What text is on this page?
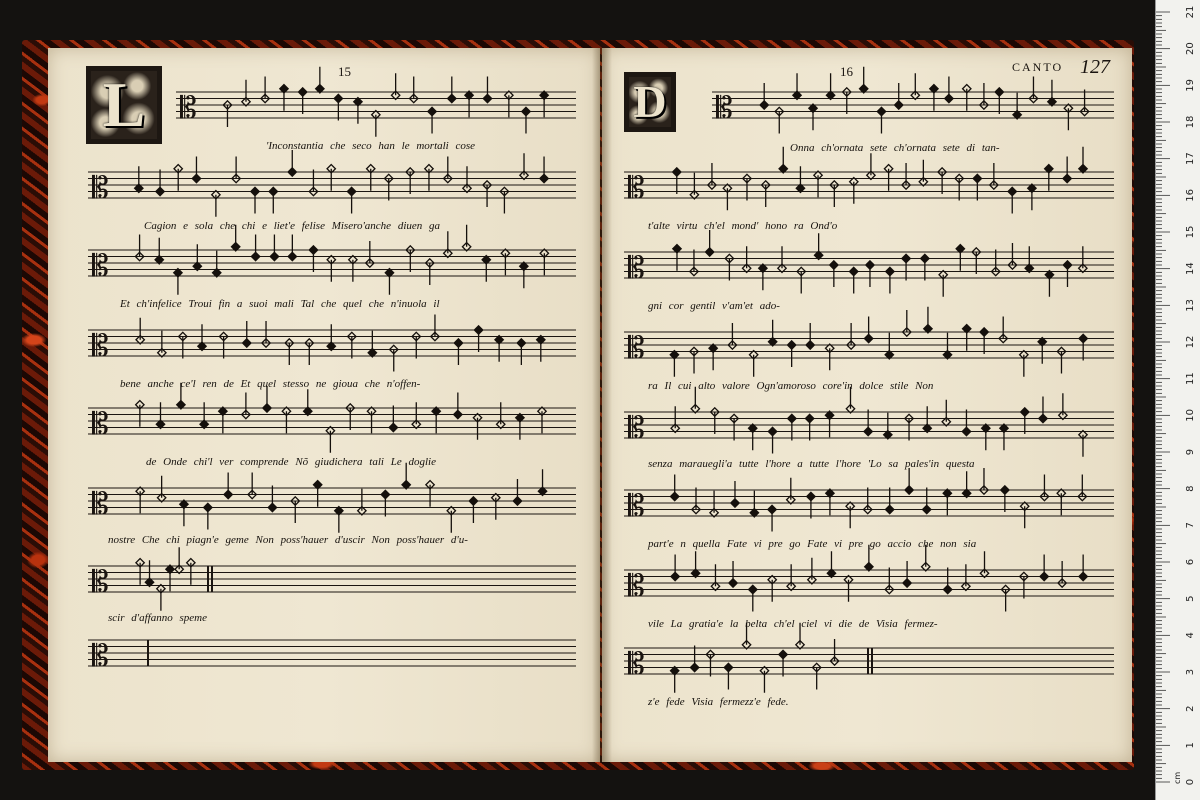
𝄡
𝄡
𝄡
𝄡
𝄡
𝄡
𝄡
𝄡
L	15
'Inconstantia che seco han le mortali cose
Cagion e sola che chi e liet'e felise Misero'anche diuen ga
Et ch'infelice Troui fin a suoi mali Tal che quel che n'inuola il
bene anche ce'l ren de Et quel stesso ne gioua che n'offen-
de Onde chi'l ver comprende Nõ giudichera tali Le doglie
nostre Che chi piagn'e geme Non poss'hauer d'uscir Non poss'hauer d'u-
scir d'affanno speme
𝄡
𝄡
𝄡
𝄡
𝄡
𝄡
𝄡
𝄡
D
16	CANTO 127
Onna ch'ornata sete ch'ornata sete di tan-
t'alte virtu ch'el mond' hono ra Ond'o
gni cor gentil v'am'et ado-
ra Il cui alto valore Ogn'amoroso core'in dolce stile Non
senza marauegli'a tutte l'hore a tutte l'hore 'Lo sa pales'in questa
part'e n quella Fate vi pre go Fate vi pre go accio che non sia
vile La gratia'e la belta ch'el ciel vi die de Visia fermez-
z'e fede Visia fermezz'e fede.
0
1
2
3
4
5
6
7
8
9
10
11
12
13
14
15
16
17
18
19
20
21
cm
